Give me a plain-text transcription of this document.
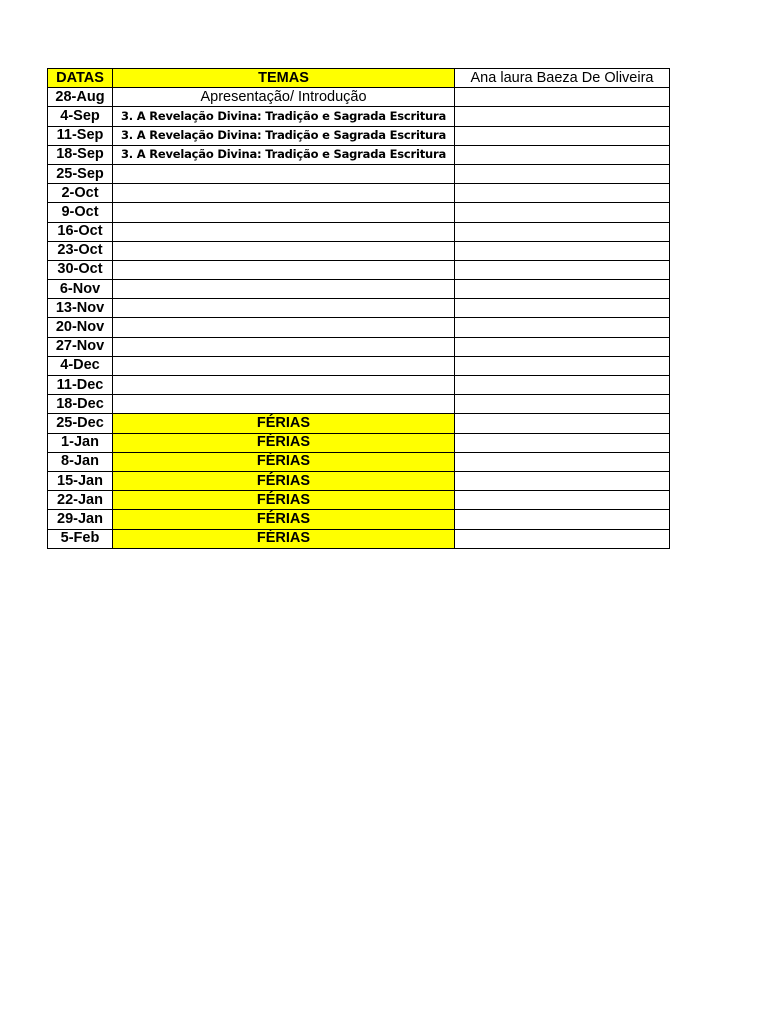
DATAS	TEMAS	Ana laura Baeza De Oliveira
28-Aug	Apresentação/ Introdução	
4-Sep	3. A Revelação Divina: Tradição e Sagrada Escritura	
11-Sep	3. A Revelação Divina: Tradição e Sagrada Escritura	
18-Sep	3. A Revelação Divina: Tradição e Sagrada Escritura	
25-Sep		
2-Oct		
9-Oct		
16-Oct		
23-Oct		
30-Oct		
6-Nov		
13-Nov		
20-Nov		
27-Nov		
4-Dec		
11-Dec		
18-Dec		
25-Dec	FÉRIAS	
1-Jan	FÉRIAS	
8-Jan	FÉRIAS	
15-Jan	FÉRIAS	
22-Jan	FÉRIAS	
29-Jan	FÉRIAS	
5-Feb	FÉRIAS	
